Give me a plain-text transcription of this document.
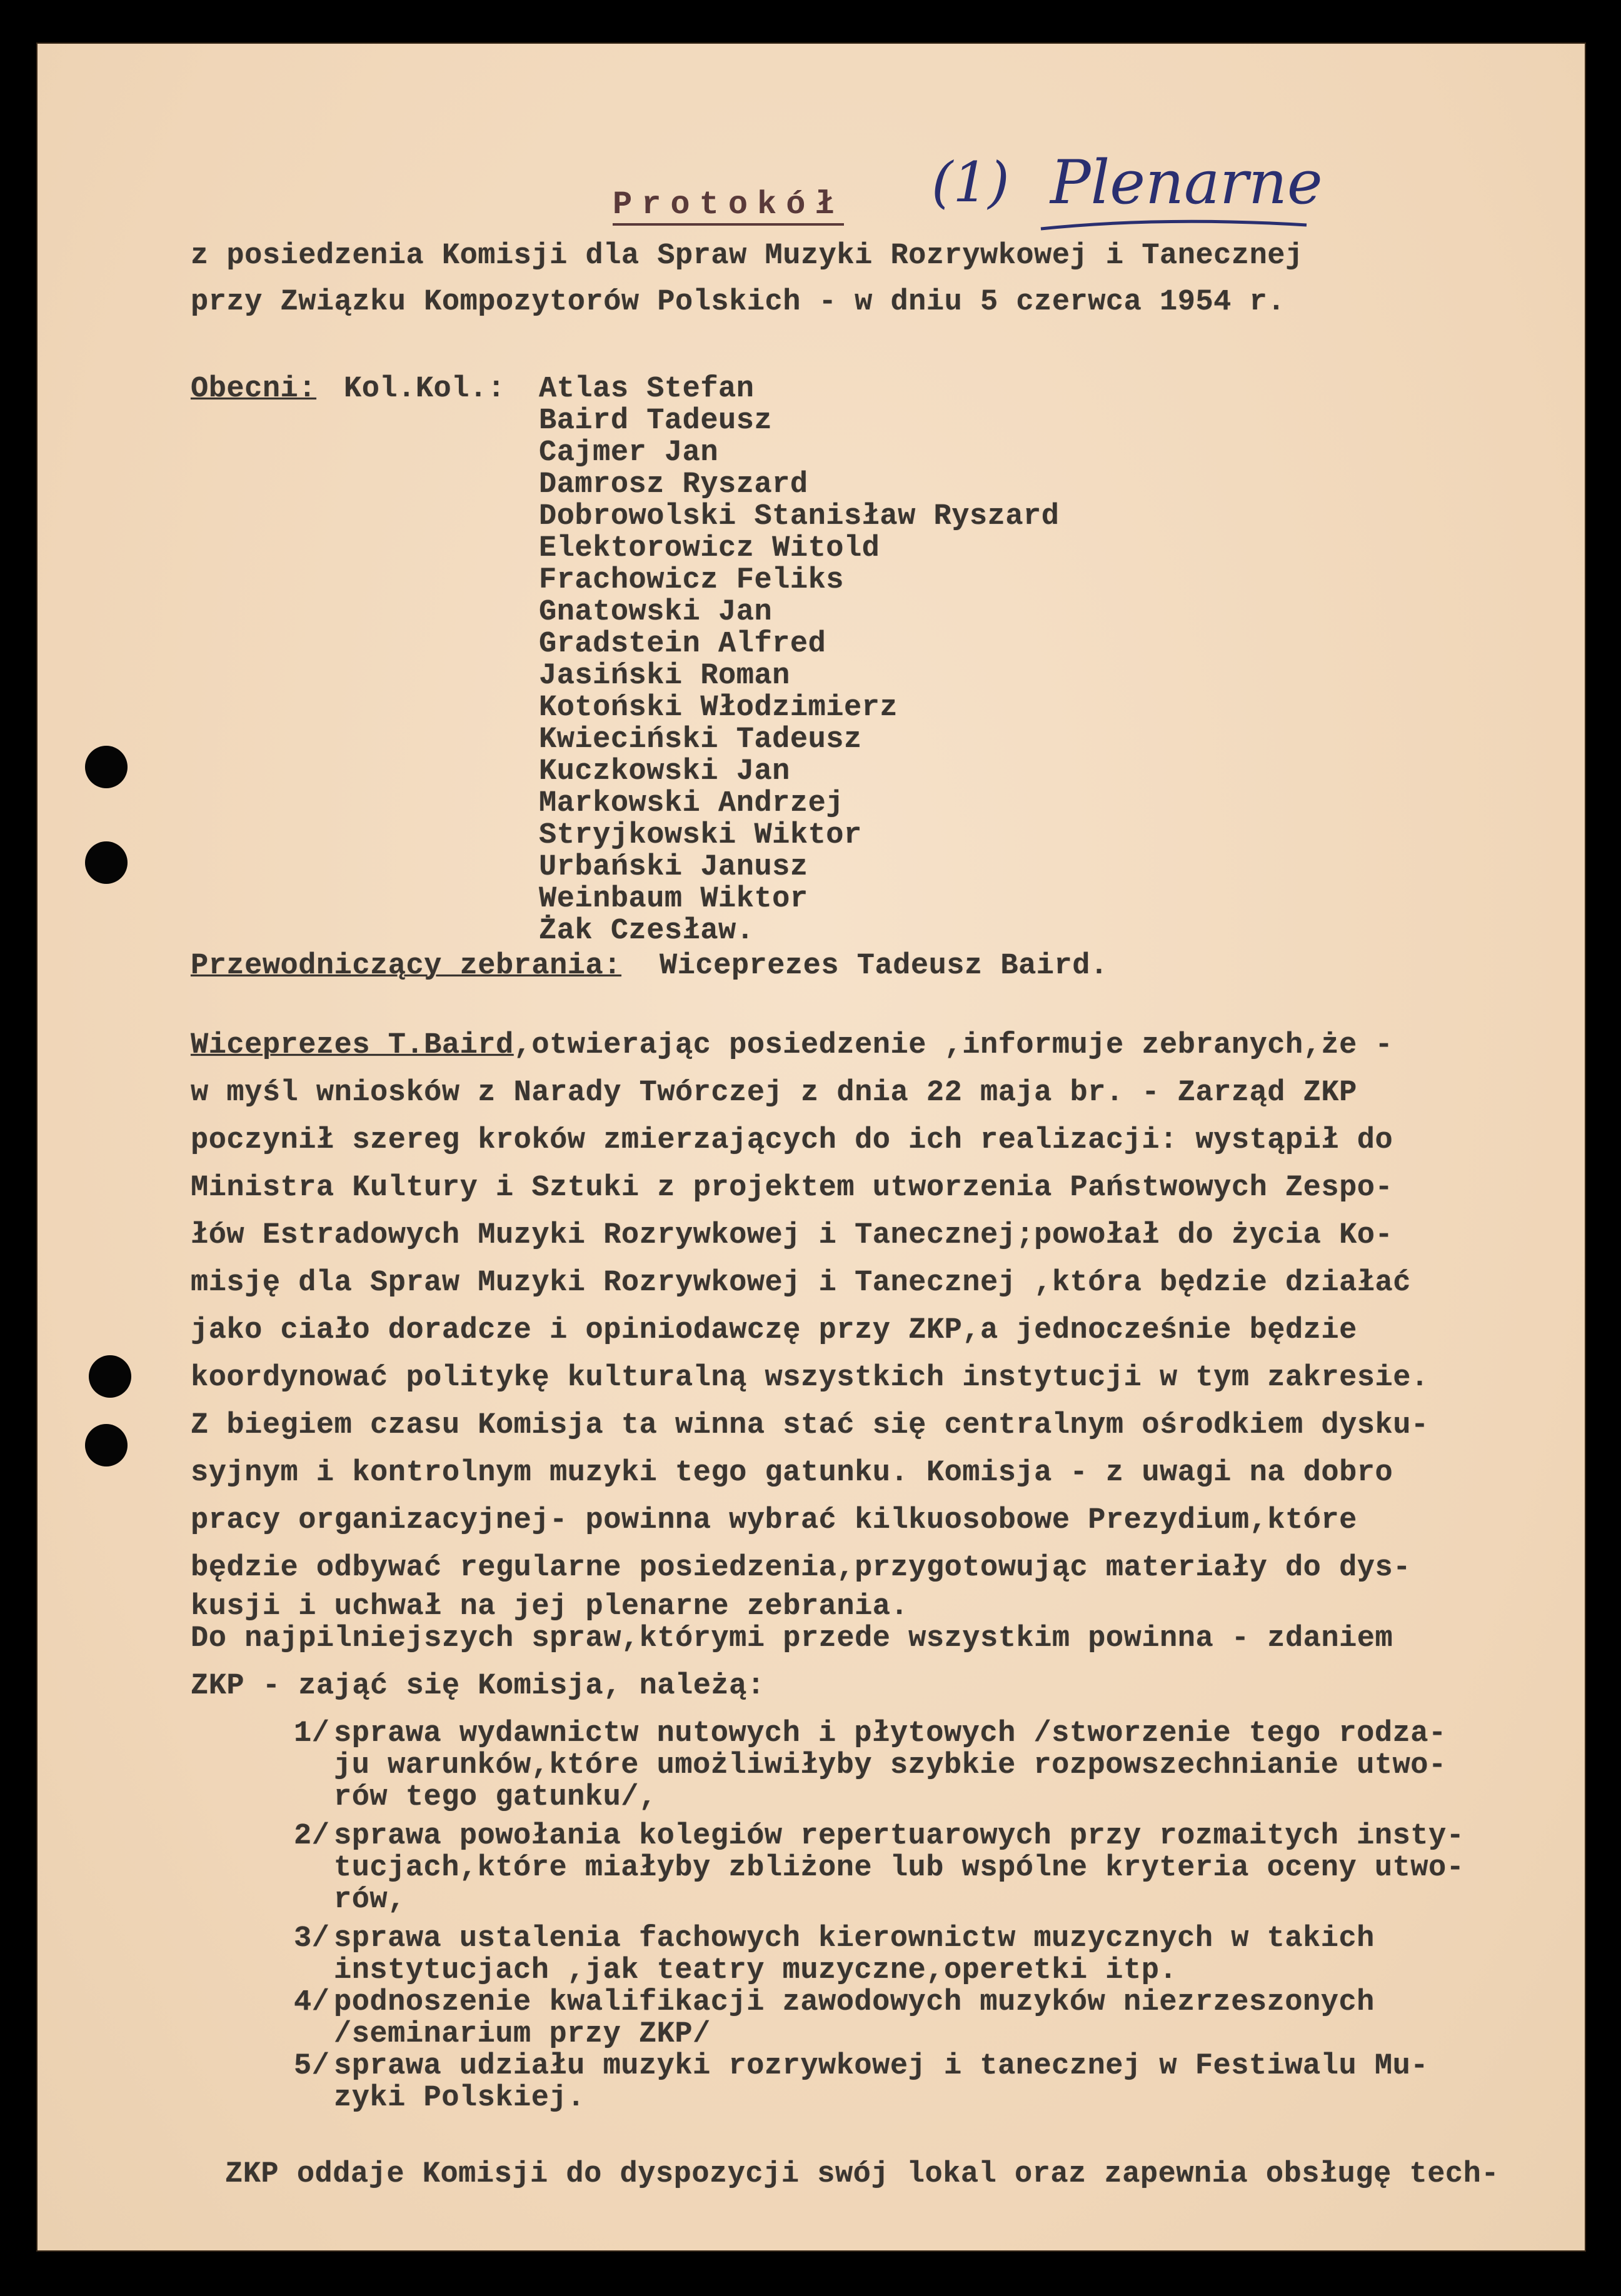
Protokół (1) Plenarne
z posiedzenia Komisji dla Spraw Muzyki Rozrywkowej i Tanecznej
przy Związku Kompozytorów Polskich - w dniu 5 czerwca 1954 r.
Obecni: Kol.Kol.: Atlas Stefan
Baird Tadeusz
Cajmer Jan
Damrosz Ryszard
Dobrowolski Stanisław Ryszard
Elektorowicz Witold
Frachowicz Feliks
Gnatowski Jan
Gradstein Alfred
Jasiński Roman
Kotoński Włodzimierz
Kwieciński Tadeusz
Kuczkowski Jan
Markowski Andrzej
Stryjkowski Wiktor
Urbański Janusz
Weinbaum Wiktor
Żak Czesław.
Przewodniczący zebrania: Wiceprezes Tadeusz Baird.
Wiceprezes T.Baird,otwierając posiedzenie ,informuje zebranych,że -
w myśl wniosków z Narady Twórczej z dnia 22 maja br. - Zarząd ZKP
poczynił szereg kroków zmierzających do ich realizacji: wystąpił do
Ministra Kultury i Sztuki z projektem utworzenia Państwowych Zespo-
łów Estradowych Muzyki Rozrywkowej i Tanecznej;powołał do życia Ko-
misję dla Spraw Muzyki Rozrywkowej i Tanecznej ,która będzie działać
jako ciało doradcze i opiniodawczę przy ZKP,a jednocześnie będzie
koordynować politykę kulturalną wszystkich instytucji w tym zakresie.
Z biegiem czasu Komisja ta winna stać się centralnym ośrodkiem dysku-
syjnym i kontrolnym muzyki tego gatunku. Komisja - z uwagi na dobro
pracy organizacyjnej- powinna wybrać kilkuosobowe Prezydium,które
będzie odbywać regularne posiedzenia,przygotowując materiały do dys-
kusji i uchwał na jej plenarne zebrania.
Do najpilniejszych spraw,którymi przede wszystkim powinna - zdaniem
ZKP - zająć się Komisja, należą:
1/ sprawa wydawnictw nutowych i płytowych /stworzenie tego rodza-
ju warunków,które umożliwiłyby szybkie rozpowszechnianie utwo-
rów tego gatunku/,
2/ sprawa powołania kolegiów repertuarowych przy rozmaitych insty-
tucjach,które miałyby zbliżone lub wspólne kryteria oceny utwo-
rów,
3/ sprawa ustalenia fachowych kierownictw muzycznych w takich
instytucjach ,jak teatry muzyczne,operetki itp.
4/ podnoszenie kwalifikacji zawodowych muzyków niezrzeszonych
/seminarium przy ZKP/
5/ sprawa udziału muzyki rozrywkowej i tanecznej w Festiwalu Mu-
zyki Polskiej.
ZKP oddaje Komisji do dyspozycji swój lokal oraz zapewnia obsługę tech-
